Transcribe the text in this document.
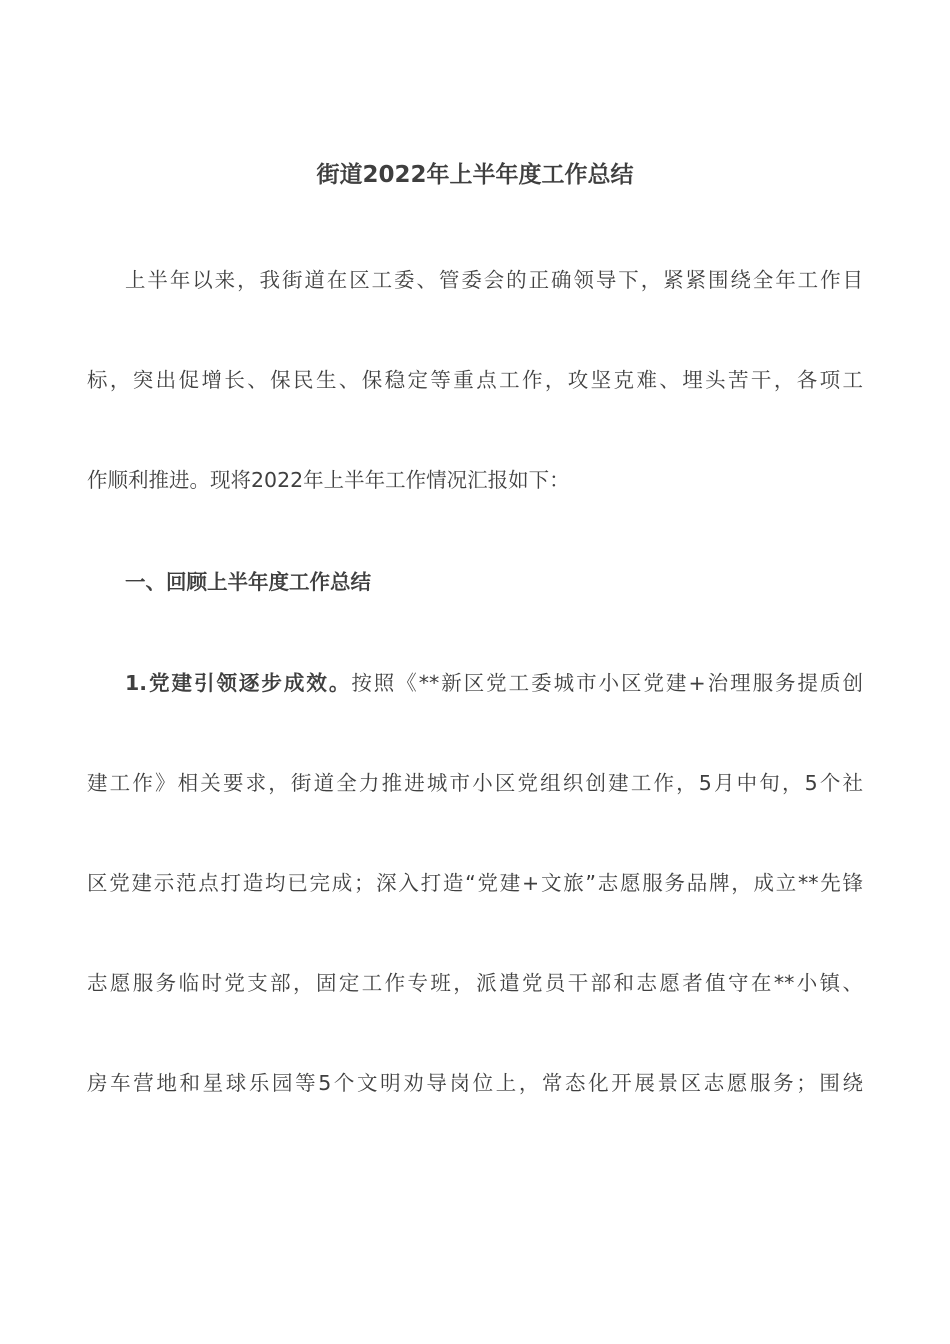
街道2022年上半年度工作总结
上半年以来，我街道在区工委、管委会的正确领导下，紧紧围绕全年工作目
标，突出促增长、保民生、保稳定等重点工作，攻坚克难、埋头苦干，各项工
作顺利推进。现将2022年上半年工作情况汇报如下：
一、回顾上半年度工作总结
1.党建引领逐步成效。按照《**新区党工委城市小区党建+治理服务提质创
建工作》相关要求，街道全力推进城市小区党组织创建工作，5月中旬，5个社
区党建示范点打造均已完成；深入打造“党建+文旅”志愿服务品牌，成立**先锋
志愿服务临时党支部，固定工作专班，派遣党员干部和志愿者值守在**小镇、
房车营地和星球乐园等5个文明劝导岗位上，常态化开展景区志愿服务；围绕
